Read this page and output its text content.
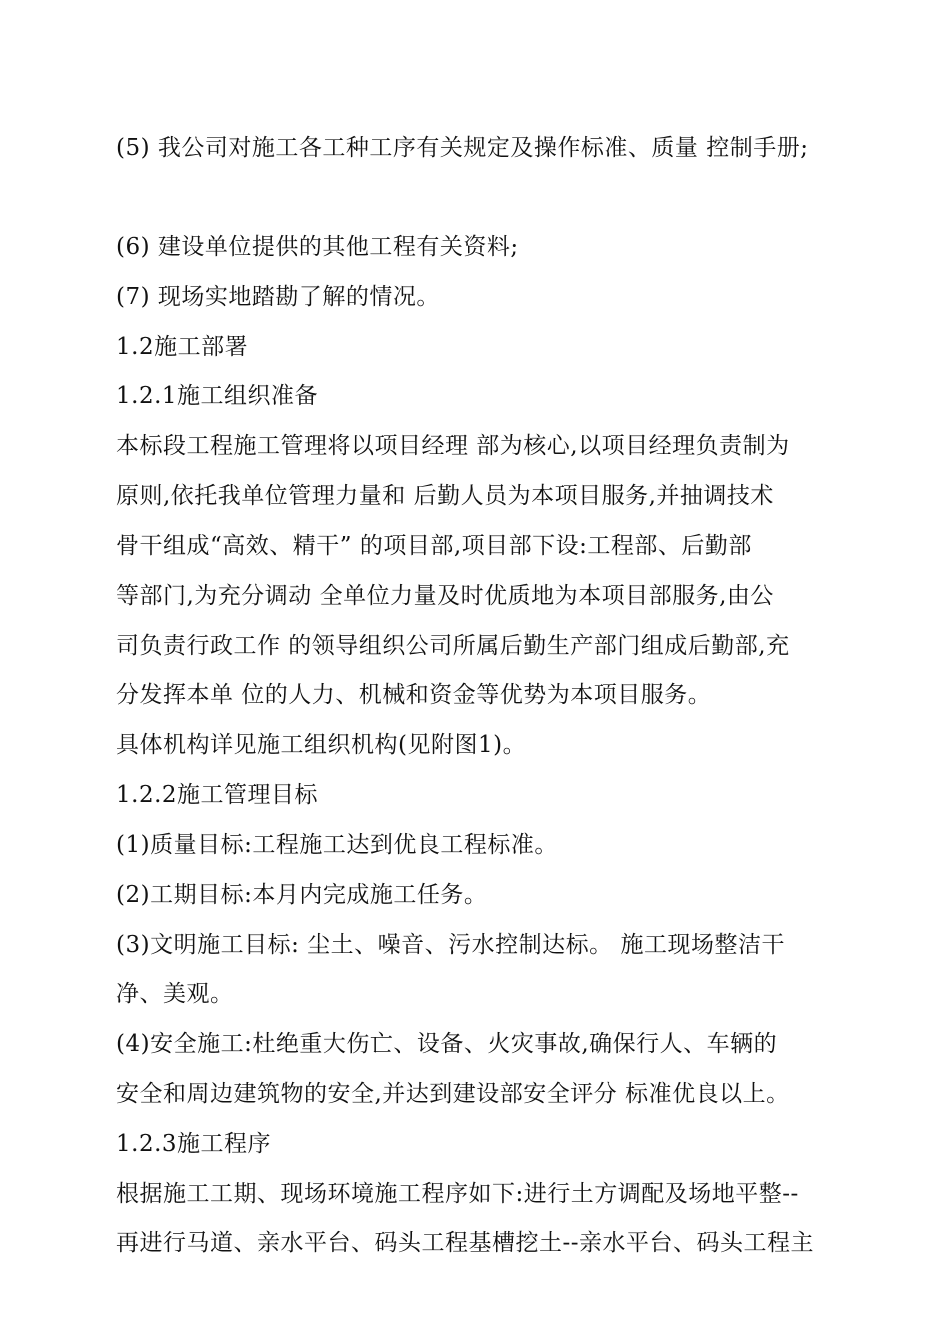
(5) 我公司对施工各工种工序有关规定及操作标准、质量 控制手册;
(6) 建设单位提供的其他工程有关资料;
(7) 现场实地踏勘了解的情况。
1.2施工部署
1.2.1施工组织准备
本标段工程施工管理将以项目经理 部为核心,以项目经理负责制为
原则,依托我单位管理力量和 后勤人员为本项目服务,并抽调技术
骨干组成“高效、精干” 的项目部,项目部下设:工程部、后勤部
等部门,为充分调动 全单位力量及时优质地为本项目部服务,由公
司负责行政工作 的领导组织公司所属后勤生产部门组成后勤部,充
分发挥本单 位的人力、机械和资金等优势为本项目服务。
具体机构详见施工组织机构(见附图1)。
1.2.2施工管理目标
(1)质量目标:工程施工达到优良工程标准。
(2)工期目标:本月内完成施工任务。
(3)文明施工目标: 尘土、噪音、污水控制达标。 施工现场整洁干
净、美观。
(4)安全施工:杜绝重大伤亡、设备、火灾事故,确保行人、车辆的
安全和周边建筑物的安全,并达到建设部安全评分 标准优良以上。
1.2.3施工程序
根据施工工期、现场环境施工程序如下:进行土方调配及场地平整--
再进行马道、亲水平台、码头工程基槽挖土--亲水平台、码头工程主
